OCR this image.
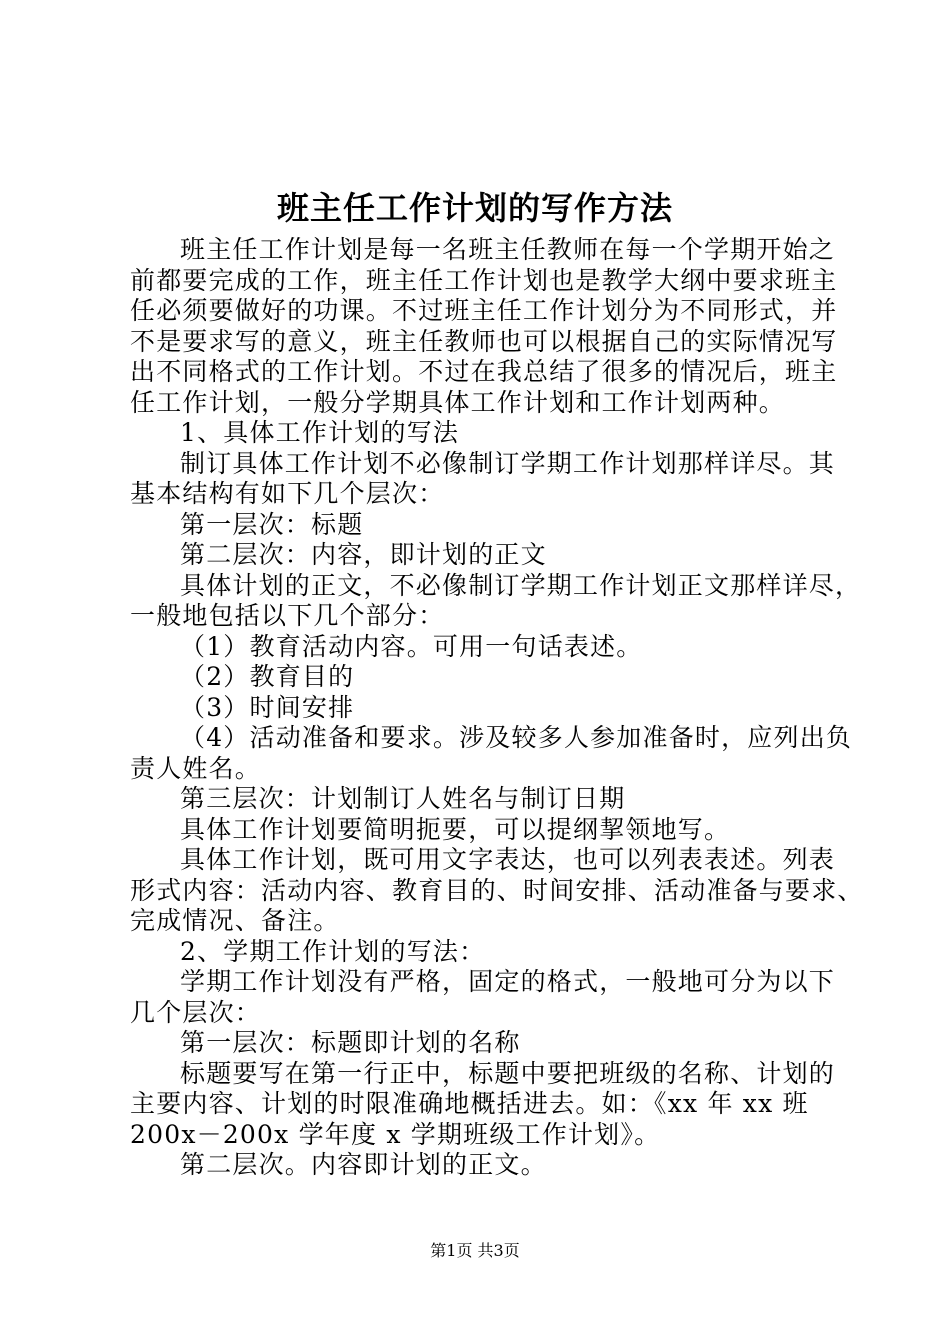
班主任工作计划的写作方法
班主任工作计划是每一名班主任教师在每一个学期开始之
前都要完成的工作，班主任工作计划也是教学大纲中要求班主
任必须要做好的功课。不过班主任工作计划分为不同形式，并
不是要求写的意义，班主任教师也可以根据自己的实际情况写
出不同格式的工作计划。不过在我总结了很多的情况后，班主
任工作计划，一般分学期具体工作计划和工作计划两种。
1、具体工作计划的写法
制订具体工作计划不必像制订学期工作计划那样详尽。其
基本结构有如下几个层次：
第一层次：标题
第二层次：内容，即计划的正文
具体计划的正文，不必像制订学期工作计划正文那样详尽，
一般地包括以下几个部分：
（1）教育活动内容。可用一句话表述。
（2）教育目的
（3）时间安排
（4）活动准备和要求。涉及较多人参加准备时，应列出负
责人姓名。
第三层次：计划制订人姓名与制订日期
具体工作计划要简明扼要，可以提纲挈领地写。
具体工作计划，既可用文字表达，也可以列表表述。列表
形式内容：活动内容、教育目的、时间安排、活动准备与要求、
完成情况、备注。
2、学期工作计划的写法：
学期工作计划没有严格，固定的格式，一般地可分为以下
几个层次：
第一层次：标题即计划的名称
标题要写在第一行正中，标题中要把班级的名称、计划的
主要内容、计划的时限准确地概括进去。如：《xx 年 xx 班
200x－200x 学年度 x 学期班级工作计划》。
第二层次。内容即计划的正文。
第1页 共3页
